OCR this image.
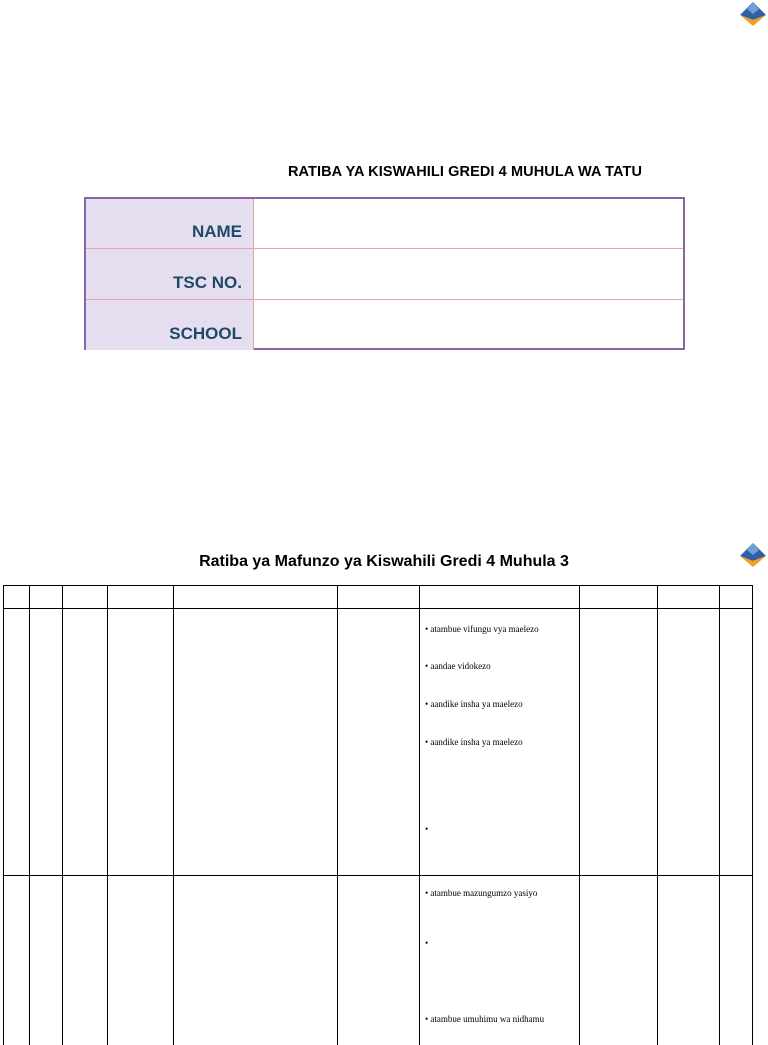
RATIBA YA KISWAHILI GREDI 4 MUHULA WA TATU
NAME
TSC NO.
SCHOOL
Ratiba ya Mafunzo ya Kiswahili Gredi 4 Muhula 3
• atambue vifungu vya maelezo
• aandae vidokezo
• aandike insha ya maelezo
• aandike insha ya maelezo
•
• atambue mazungumzo yasiyo
•
• atambue umuhimu wa nidhamu
